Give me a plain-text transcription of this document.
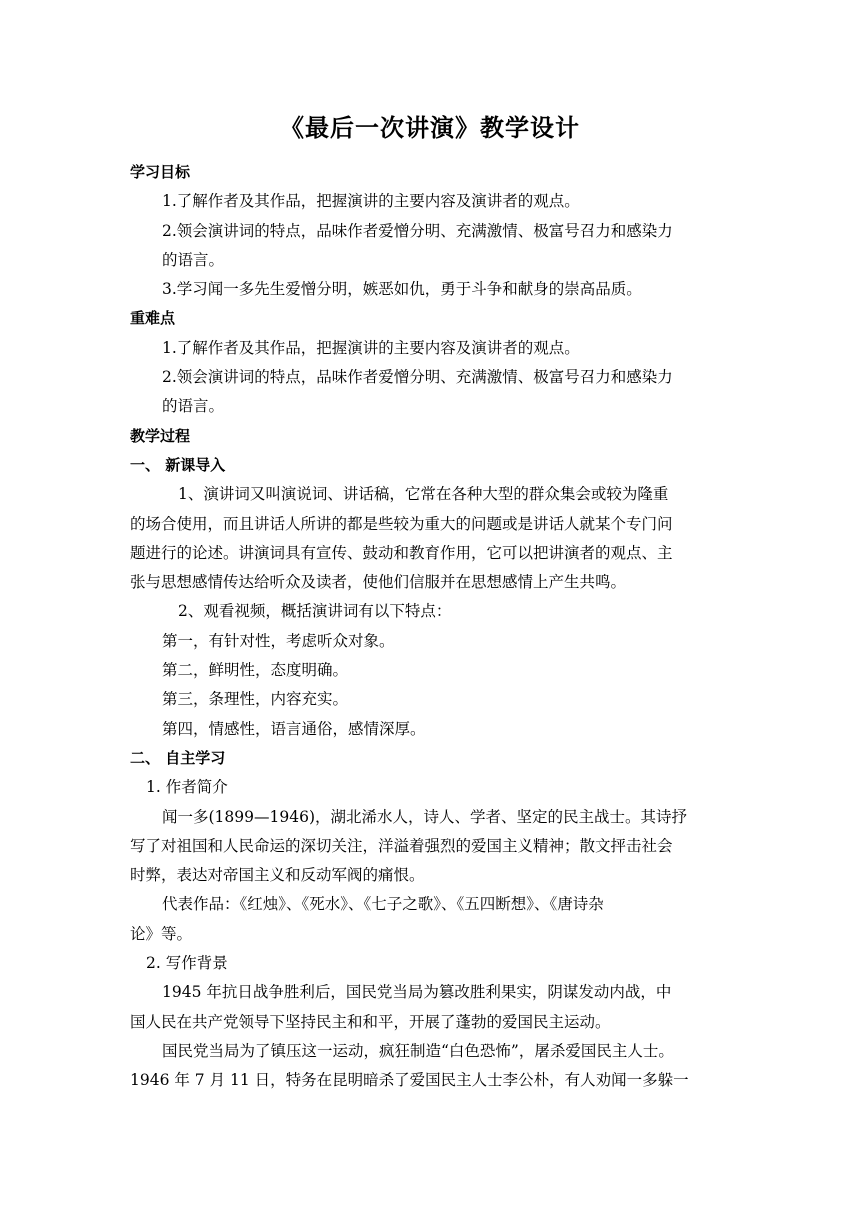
《最后一次讲演》教学设计
学习目标
1.了解作者及其作品，把握演讲的主要内容及演讲者的观点。
2.领会演讲词的特点，品味作者爱憎分明、充满激情、极富号召力和感染力
的语言。
3.学习闻一多先生爱憎分明，嫉恶如仇，勇于斗争和献身的崇高品质。
重难点
1.了解作者及其作品，把握演讲的主要内容及演讲者的观点。
2.领会演讲词的特点，品味作者爱憎分明、充满激情、极富号召力和感染力
的语言。
教学过程
一、 新课导入
1、演讲词又叫演说词、讲话稿，它常在各种大型的群众集会或较为隆重
的场合使用，而且讲话人所讲的都是些较为重大的问题或是讲话人就某个专门问
题进行的论述。讲演词具有宣传、鼓动和教育作用，它可以把讲演者的观点、主
张与思想感情传达给听众及读者，使他们信服并在思想感情上产生共鸣。
2、观看视频，概括演讲词有以下特点：
第一，有针对性，考虑听众对象。
第二，鲜明性，态度明确。
第三，条理性，内容充实。
第四，情感性，语言通俗，感情深厚。
二、 自主学习
1. 作者简介
闻一多(1899—1946)，湖北浠水人，诗人、学者、坚定的民主战士。其诗抒
写了对祖国和人民命运的深切关注，洋溢着强烈的爱国主义精神；散文抨击社会
时弊，表达对帝国主义和反动军阀的痛恨。
代表作品：《红烛》、《死水》、《七子之歌》、《五四断想》、《唐诗杂
论》等。
2. 写作背景
1945 年抗日战争胜利后，国民党当局为篡改胜利果实，阴谋发动内战，中
国人民在共产党领导下坚持民主和和平，开展了蓬勃的爱国民主运动。
国民党当局为了镇压这一运动，疯狂制造“白色恐怖”，屠杀爱国民主人士。
1946 年 7 月 11 日，特务在昆明暗杀了爱国民主人士李公朴，有人劝闻一多躲一
